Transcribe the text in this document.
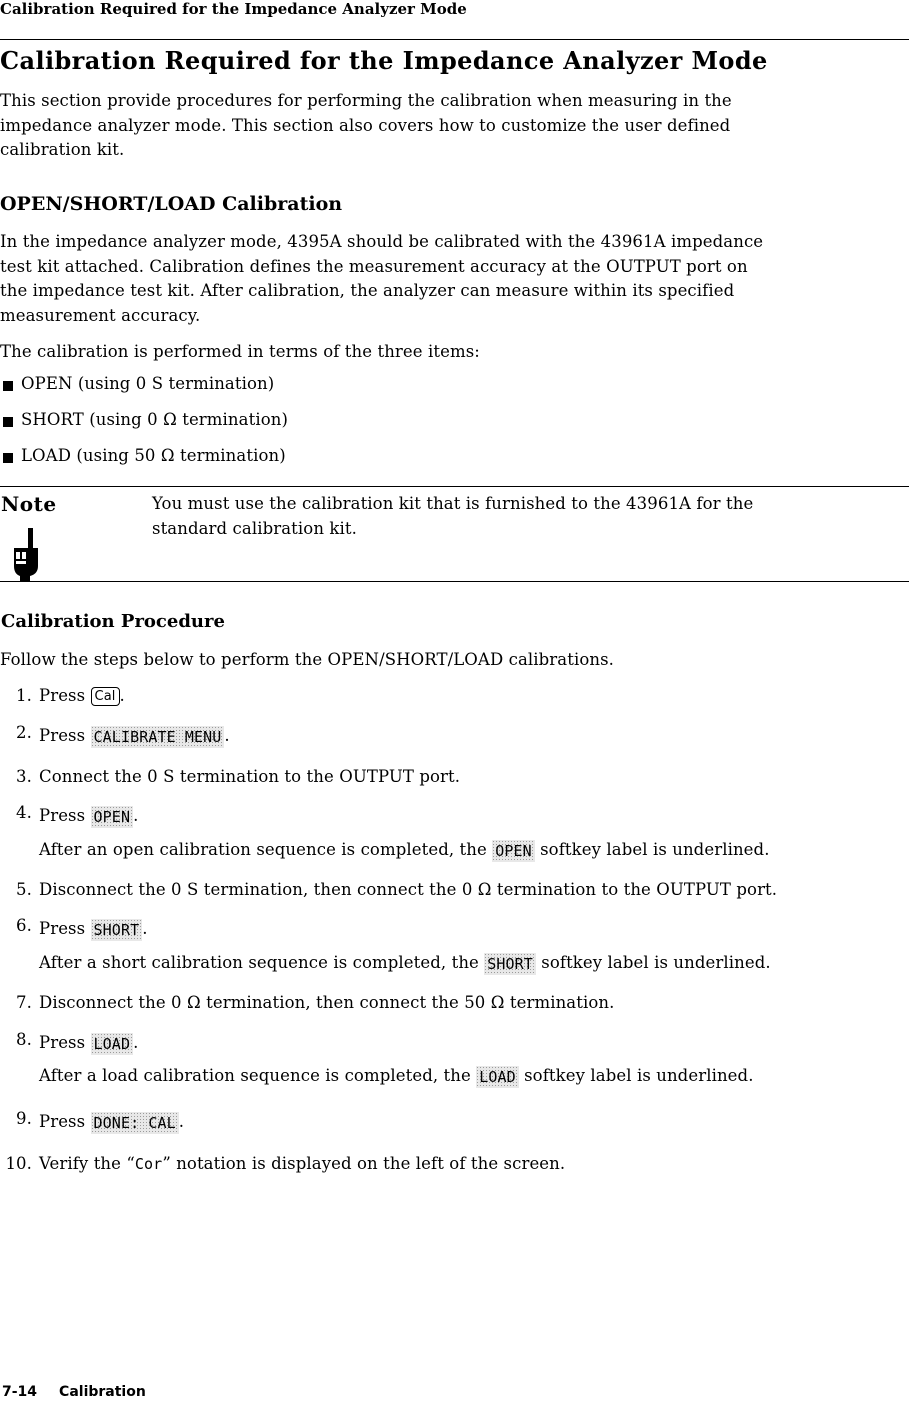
Calibration Required for the Impedance Analyzer Mode
Calibration Required for the Impedance Analyzer Mode
This section provide procedures for performing the calibration when measuring in the
impedance analyzer mode. This section also covers how to customize the user defined
calibration kit.
OPEN/SHORT/LOAD Calibration
In the impedance analyzer mode, 4395A should be calibrated with the 43961A impedance
test kit attached. Calibration defines the measurement accuracy at the OUTPUT port on
the impedance test kit. After calibration, the analyzer can measure within its specified
measurement accuracy.
The calibration is performed in terms of the three items:
OPEN (using 0 S termination)
SHORT (using 0 Ω termination)
LOAD (using 50 Ω termination)
Note	You must use the calibration kit that is furnished to the 43961A for the
standard calibration kit.
Calibration Procedure
Follow the steps below to perform the OPEN/SHORT/LOAD calibrations.
1. Press Cal .
2. Press CALIBRATE MENU .
3. Connect the 0 S termination to the OUTPUT port.
4. Press OPEN .
After an open calibration sequence is completed, the OPEN softkey label is underlined.
5. Disconnect the 0 S termination, then connect the 0 Ω termination to the OUTPUT port.
6. Press SHORT .
After a short calibration sequence is completed, the SHORT softkey label is underlined.
7. Disconnect the 0 Ω termination, then connect the 50 Ω termination.
8. Press LOAD .
After a load calibration sequence is completed, the LOAD softkey label is underlined.
9. Press DONE: CAL .
10. Verify the “Cor” notation is displayed on the left of the screen.
7-14 Calibration
